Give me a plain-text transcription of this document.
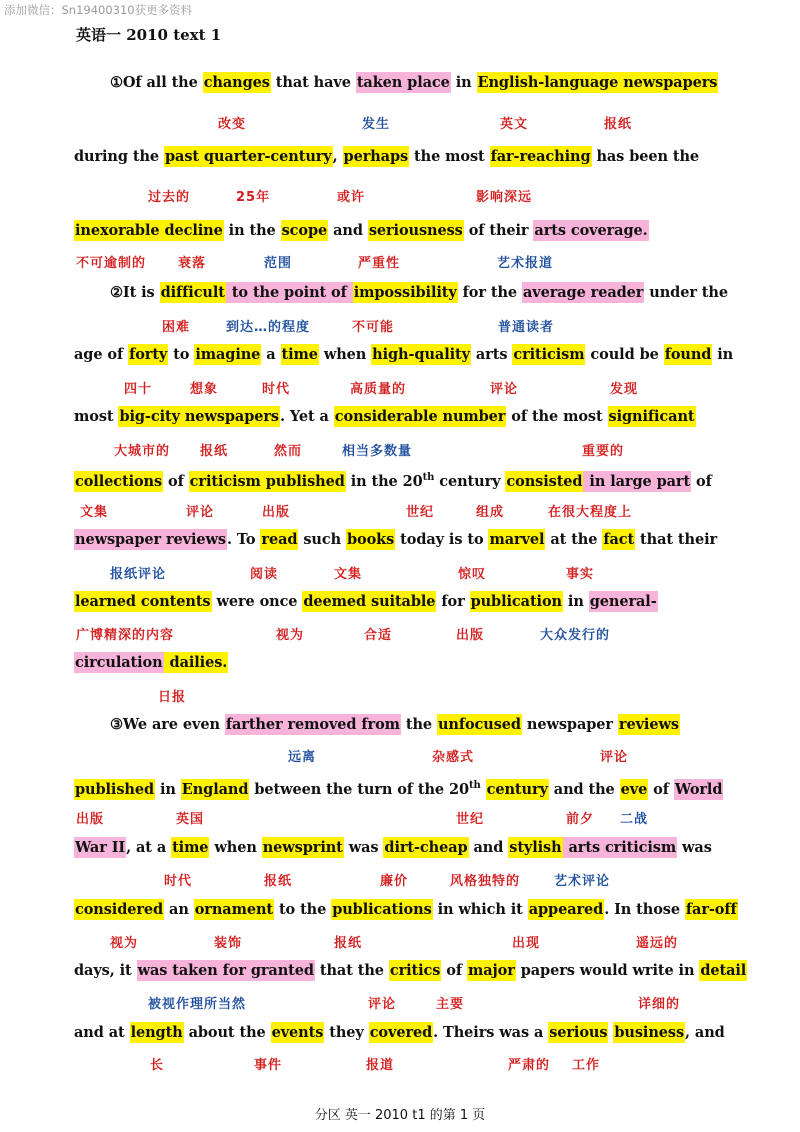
添加微信：Sn19400310获更多资料
英语一 2010 text 1
①Of all the changes that have taken place in English-language newspapers
during the past quarter-century, perhaps the most far-reaching has been the
inexorable decline in the scope and seriousness of their arts coverage.
②It is difficult to the point of impossibility for the average reader under the
age of forty to imagine a time when high-quality arts criticism could be found in
most big-city newspapers. Yet a considerable number of the most significant
collections of criticism published in the 20th century consisted in large part of
newspaper reviews. To read such books today is to marvel at the fact that their
learned contents were once deemed suitable for publication in general-
circulation dailies.
③We are even farther removed from the unfocused newspaper reviews
published in England between the turn of the 20th century and the eve of World
War II, at a time when newsprint was dirt-cheap and stylish arts criticism was
considered an ornament to the publications in which it appeared. In those far-off
days, it was taken for granted that the critics of major papers would write in detail
and at length about the events they covered. Theirs was a serious business, and
改变	发生	英文	报纸
过去的	25年	或许	影响深远
不可逾制的 衰落	范围	严重性	艺术报道
困难	到达…的程度	不可能	普通读者
四十	想象	时代	高质量的	评论	发现
大城市的 报纸	然而	相当多数量	重要的
文集	评论	出版	世纪	组成	在很大程度上
报纸评论	阅读	文集	惊叹	事实
广博精深的内容	视为	合适	出版	大众发行的
日报
远离	杂感式	评论
出版	英国	世纪	前夕 二战
时代	报纸	廉价	风格独特的	艺术评论
视为	装饰	报纸	出现	遥远的
被视作理所当然	评论	主要	详细的
长	事件	报道	严肃的 工作
分区 英一 2010 t1 的第 1 页
